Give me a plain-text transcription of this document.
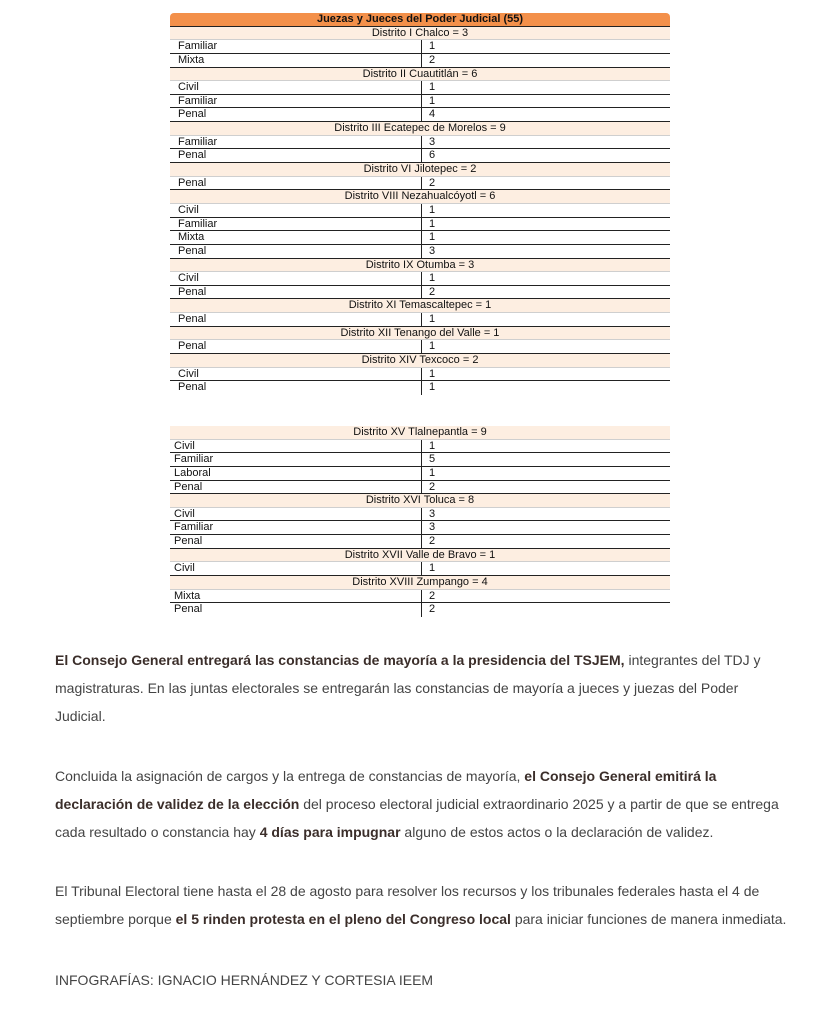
Juezas y Jueces del Poder Judicial (55)
Distrito I Chalco = 3
Familiar	1
Mixta	2
Distrito II Cuautitlán = 6
Civil	1
Familiar	1
Penal	4
Distrito III Ecatepec de Morelos = 9
Familiar	3
Penal	6
Distrito VI Jilotepec = 2
Penal	2
Distrito VIII Nezahualcóyotl = 6
Civil	1
Familiar	1
Mixta	1
Penal	3
Distrito IX Otumba = 3
Civil	1
Penal	2
Distrito XI Temascaltepec = 1
Penal	1
Distrito XII Tenango del Valle = 1
Penal	1
Distrito XIV Texcoco = 2
Civil	1
Penal	1
Distrito XV Tlalnepantla = 9
Civil	1
Familiar	5
Laboral	1
Penal	2
Distrito XVI Toluca = 8
Civil	3
Familiar	3
Penal	2
Distrito XVII Valle de Bravo = 1
Civil	1
Distrito XVIII Zumpango = 4
Mixta	2
Penal	2

El Consejo General entregará las constancias de mayoría a la presidencia del TSJEM, integrantes del TDJ y magistraturas. En las juntas electorales se entregarán las constancias de mayoría a jueces y juezas del Poder Judicial.

Concluida la asignación de cargos y la entrega de constancias de mayoría, el Consejo General emitirá la declaración de validez de la elección del proceso electoral judicial extraordinario 2025 y a partir de que se entrega cada resultado o constancia hay 4 días para impugnar alguno de estos actos o la declaración de validez.

El Tribunal Electoral tiene hasta el 28 de agosto para resolver los recursos y los tribunales federales hasta el 4 de septiembre porque el 5 rinden protesta en el pleno del Congreso local para iniciar funciones de manera inmediata.

INFOGRAFÍAS: IGNACIO HERNÁNDEZ Y CORTESIA IEEM
